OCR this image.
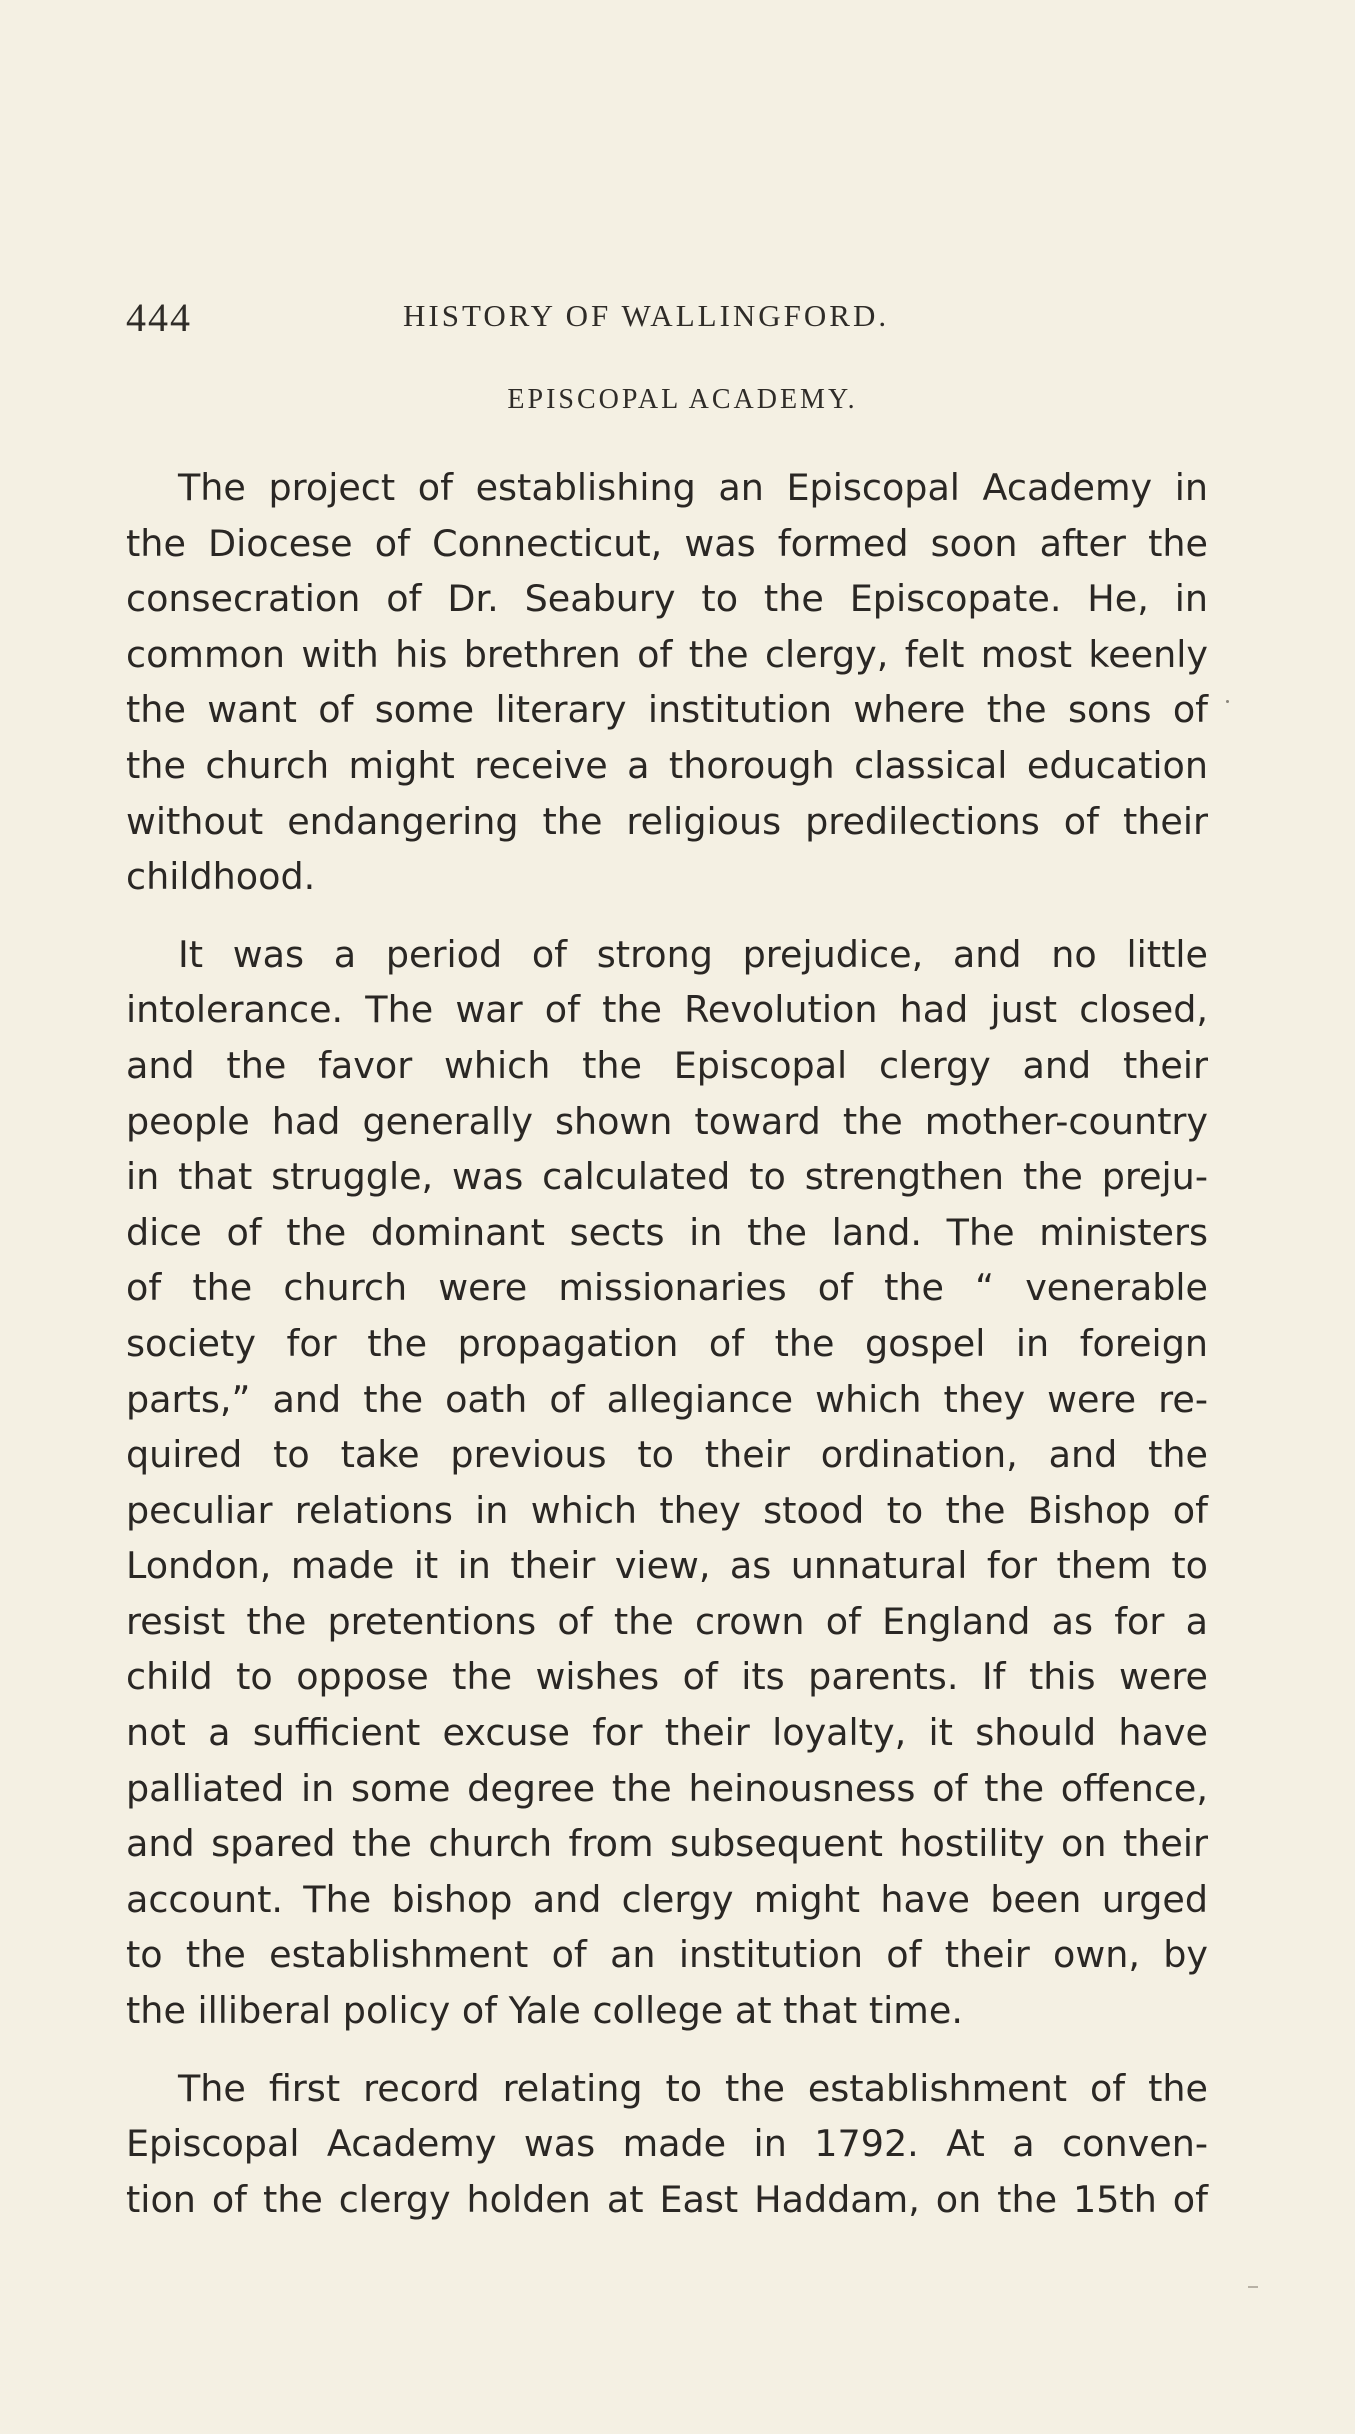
444	HISTORY OF WALLINGFORD.
EPISCOPAL ACADEMY.

The project of establishing an Episcopal Academy in
the Diocese of Connecticut, was formed soon after the
consecration of Dr. Seabury to the Episcopate. He, in
common with his brethren of the clergy, felt most keenly
the want of some literary institution where the sons of
the church might receive a thorough classical education
without endangering the religious predilections of their
childhood.

It was a period of strong prejudice, and no little
intolerance. The war of the Revolution had just closed,
and the favor which the Episcopal clergy and their
people had generally shown toward the mother-country
in that struggle, was calculated to strengthen the preju-
dice of the dominant sects in the land. The ministers
of the church were missionaries of the “ venerable
society for the propagation of the gospel in foreign
parts,” and the oath of allegiance which they were re-
quired to take previous to their ordination, and the
peculiar relations in which they stood to the Bishop of
London, made it in their view, as unnatural for them to
resist the pretentions of the crown of England as for a
child to oppose the wishes of its parents. If this were
not a sufficient excuse for their loyalty, it should have
palliated in some degree the heinousness of the offence,
and spared the church from subsequent hostility on their
account. The bishop and clergy might have been urged
to the establishment of an institution of their own, by
the illiberal policy of Yale college at that time.

The first record relating to the establishment of the
Episcopal Academy was made in 1792. At a conven-
tion of the clergy holden at East Haddam, on the 15th of
